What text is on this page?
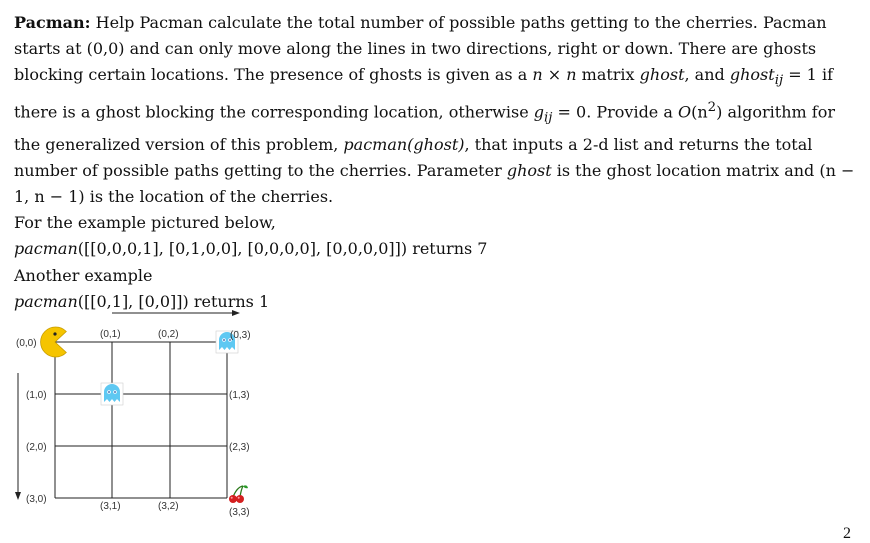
Pacman: Help Pacman calculate the total number of possible paths getting to the cherries. Pacman starts at (0,0) and can only move along the lines in two directions, right or down. There are ghosts blocking certain locations. The presence of ghosts is given as a n × n matrix ghost, and ghost$_{ij}$ = 1 if there is a ghost blocking the corresponding location, otherwise $g_{ij} = 0$. Provide a $O(n^2)$ algorithm for the generalized version of this problem, pacman(ghost), that inputs a 2-d list and returns the total number of possible paths getting to the cherries. Parameter ghost is the ghost location matrix and (n − 1, n − 1) is the location of the cherries.

For the example pictured below,

pacman([[0,0,0,1], [0,1,0,0], [0,0,0,0], [0,0,0,0]]) returns 7

Another example

pacman([[0,1], [0,0]]) returns 1

(0,0)
(0,1)	(0,2)	(0,3)
(1,0)	(1,3)
(2,0)	(2,3)
(3,0)
(3,1)	(3,2)
(3,3)
2
